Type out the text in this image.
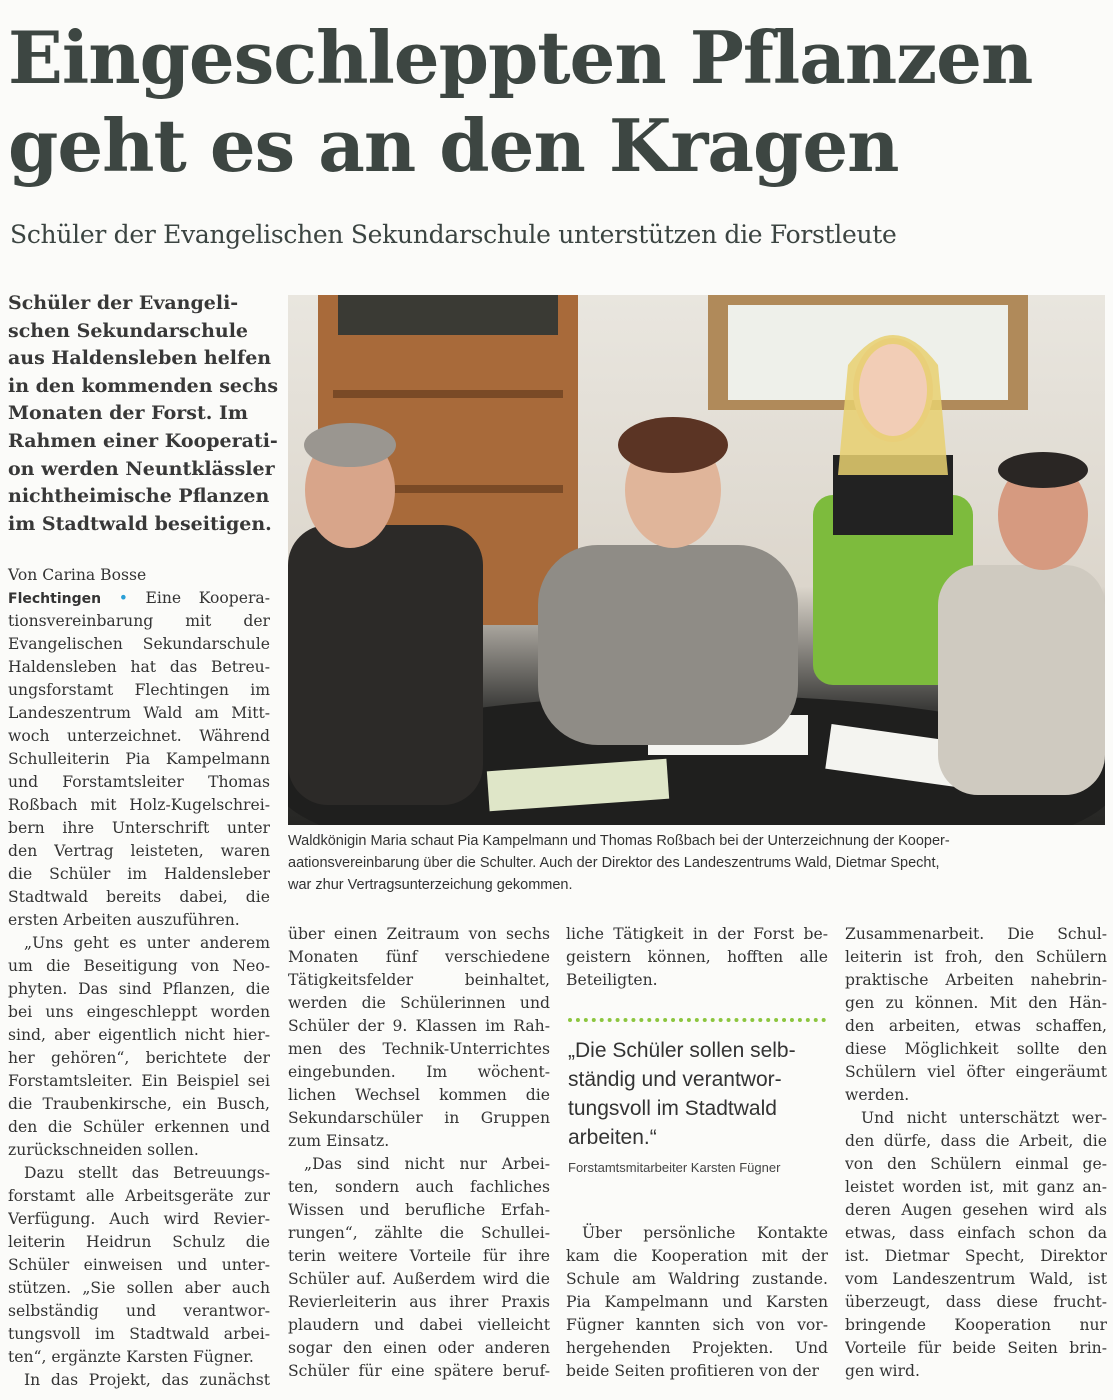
Eingeschleppten Pflanzen
geht es an den Kragen
Schüler der Evangelischen Sekundarschule unterstützen die Forstleute
Schüler der Evangeli-
schen Sekundarschule
aus Haldensleben helfen
in den kommenden sechs
Monaten der Forst. Im
Rahmen einer Kooperati-
on werden Neuntklässler
nichtheimische Pflanzen
im Stadtwald beseitigen.
Von Carina Bosse
Flechtingen • Eine Koopera-
tionsvereinbarung mit der
Evangelischen Sekundarschule
Haldensleben hat das Betreu-
ungsforstamt Flechtingen im
Landeszentrum Wald am Mitt-
woch unterzeichnet. Während
Schulleiterin Pia Kampelmann
und Forstamtsleiter Thomas
Roßbach mit Holz-Kugelschrei-
bern ihre Unterschrift unter
den Vertrag leisteten, waren
die Schüler im Haldensleber
Stadtwald bereits dabei, die
ersten Arbeiten auszuführen.
„Uns geht es unter anderem
um die Beseitigung von Neo-
phyten. Das sind Pflanzen, die
bei uns eingeschleppt worden
sind, aber eigentlich nicht hier-
her gehören“, berichtete der
Forstamtsleiter. Ein Beispiel sei
die Traubenkirsche, ein Busch,
den die Schüler erkennen und
zurückschneiden sollen.
Dazu stellt das Betreuungs-
forstamt alle Arbeitsgeräte zur
Verfügung. Auch wird Revier-
leiterin Heidrun Schulz die
Schüler einweisen und unter-
stützen. „Sie sollen aber auch
selbständig und verantwor-
tungsvoll im Stadtwald arbei-
ten“, ergänzte Karsten Fügner.
In das Projekt, das zunächst
über einen Zeitraum von sechs
Monaten fünf verschiedene
Tätigkeitsfelder beinhaltet,
werden die Schülerinnen und
Schüler der 9. Klassen im Rah-
men des Technik-Unterrichtes
eingebunden. Im wöchent-
lichen Wechsel kommen die
Sekundarschüler in Gruppen
zum Einsatz.
„Das sind nicht nur Arbei-
ten, sondern auch fachliches
Wissen und berufliche Erfah-
rungen“, zählte die Schullei-
terin weitere Vorteile für ihre
Schüler auf. Außerdem wird die
Revierleiterin aus ihrer Praxis
plaudern und dabei vielleicht
sogar den einen oder anderen
Schüler für eine spätere beruf-
liche Tätigkeit in der Forst be-
geistern können, hofften alle
Beteiligten.
Über persönliche Kontakte
kam die Kooperation mit der
Schule am Waldring zustande.
Pia Kampelmann und Karsten
Fügner kannten sich von vor-
hergehenden Projekten. Und
beide Seiten profitieren von der
Zusammenarbeit. Die Schul-
leiterin ist froh, den Schülern
praktische Arbeiten nahebrin-
gen zu können. Mit den Hän-
den arbeiten, etwas schaffen,
diese Möglichkeit sollte den
Schülern viel öfter eingeräumt
werden.
Und nicht unterschätzt wer-
den dürfe, dass die Arbeit, die
von den Schülern einmal ge-
leistet worden ist, mit ganz an-
deren Augen gesehen wird als
etwas, dass einfach schon da
ist. Dietmar Specht, Direktor
vom Landeszentrum Wald, ist
überzeugt, dass diese frucht-
bringende Kooperation nur
Vorteile für beide Seiten brin-
gen wird.
Waldkönigin Maria schaut Pia Kampelmann und Thomas Roßbach bei der Unterzeichnung der Kooper-
aationsvereinbarung über die Schulter. Auch der Direktor des Landeszentrums Wald, Dietmar Specht,
war zhur Vertragsunterzeichung gekommen.
„Die Schüler sollen selb-
ständig und verantwor-
tungsvoll im Stadtwald
arbeiten.“
Forstamtsmitarbeiter Karsten Fügner
